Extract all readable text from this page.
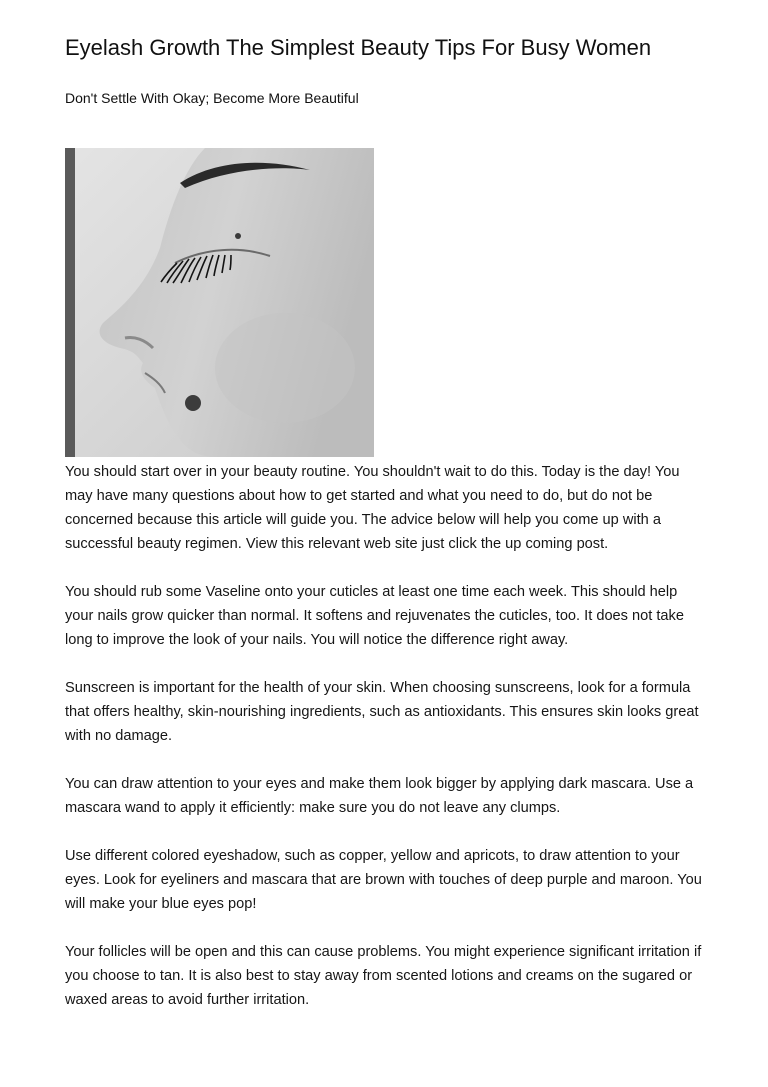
Eyelash Growth The Simplest Beauty Tips For Busy Women
Don't Settle With Okay; Become More Beautiful

You should start over in your beauty routine. You shouldn't wait to do this. Today is the day! You may have many questions about how to get started and what you need to do, but do not be concerned because this article will guide you. The advice below will help you come up with a successful beauty regimen. View this relevant web site just click the up coming post.

You should rub some Vaseline onto your cuticles at least one time each week. This should help your nails grow quicker than normal. It softens and rejuvenates the cuticles, too. It does not take long to improve the look of your nails. You will notice the difference right away.

Sunscreen is important for the health of your skin. When choosing sunscreens, look for a formula that offers healthy, skin-nourishing ingredients, such as antioxidants. This ensures skin looks great with no damage.

You can draw attention to your eyes and make them look bigger by applying dark mascara. Use a mascara wand to apply it efficiently: make sure you do not leave any clumps.

Use different colored eyeshadow, such as copper, yellow and apricots, to draw attention to your eyes. Look for eyeliners and mascara that are brown with touches of deep purple and maroon. You will make your blue eyes pop!

Your follicles will be open and this can cause problems. You might experience significant irritation if you choose to tan. It is also best to stay away from scented lotions and creams on the sugared or waxed areas to avoid further irritation.
